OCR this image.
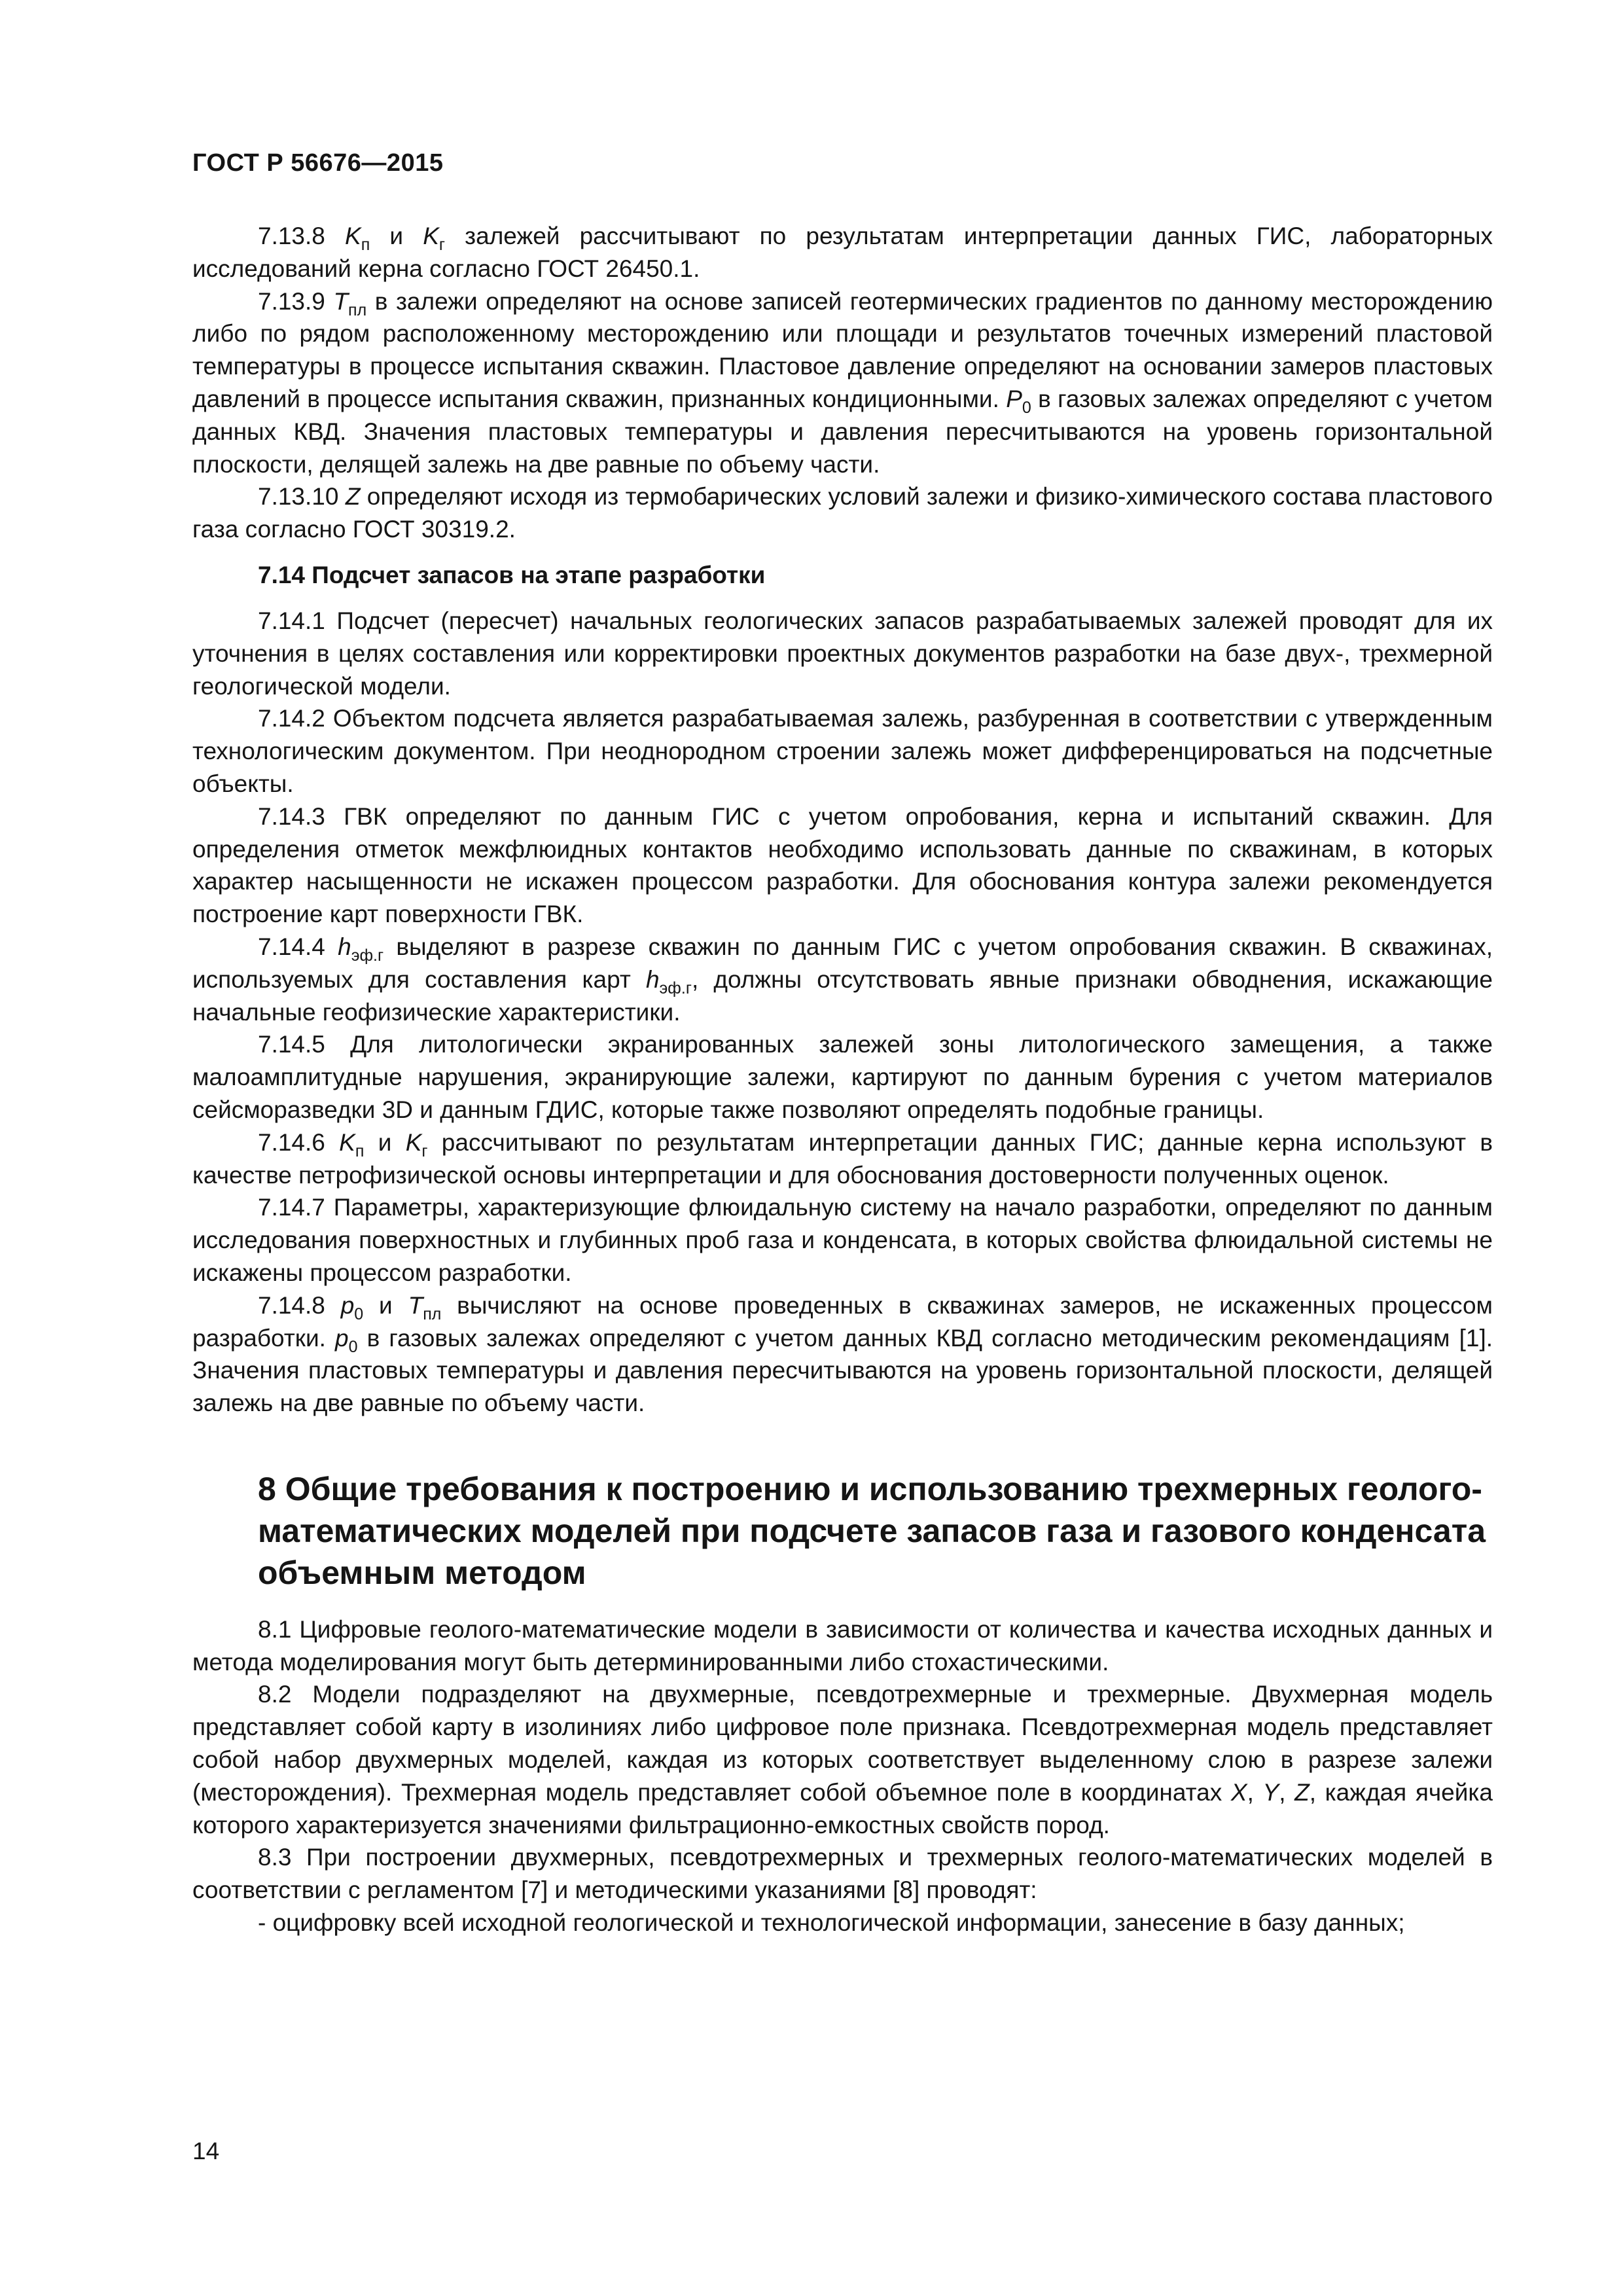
ГОСТ Р 56676—2015

7.13.8 $K_п$ и $K_г$ залежей рассчитывают по результатам интерпретации данных ГИС, лабораторных исследований керна согласно ГОСТ 26450.1.

7.13.9 $T_{пл}$ в залежи определяют на основе записей геотермических градиентов по данному месторождению либо по рядом расположенному месторождению или площади и результатов точечных измерений пластовой температуры в процессе испытания скважин. Пластовое давление определяют на основании замеров пластовых давлений в процессе испытания скважин, признанных кондиционными. $P_0$ в газовых залежах определяют с учетом данных КВД. Значения пластовых температуры и давления пересчитываются на уровень горизонтальной плоскости, делящей залежь на две равные по объему части.

7.13.10 Z определяют исходя из термобарических условий залежи и физико-химического состава пластового газа согласно ГОСТ 30319.2.

7.14 Подсчет запасов на этапе разработки

7.14.1 Подсчет (пересчет) начальных геологических запасов разрабатываемых залежей проводят для их уточнения в целях составления или корректировки проектных документов разработки на базе двух-, трехмерной геологической модели.

7.14.2 Объектом подсчета является разрабатываемая залежь, разбуренная в соответствии с утвержденным технологическим документом. При неоднородном строении залежь может дифференцироваться на подсчетные объекты.

7.14.3 ГВК определяют по данным ГИС с учетом опробования, керна и испытаний скважин. Для определения отметок межфлюидных контактов необходимо использовать данные по скважинам, в которых характер насыщенности не искажен процессом разработки. Для обоснования контура залежи рекомендуется построение карт поверхности ГВК.

7.14.4 $h_{эф.г}$ выделяют в разрезе скважин по данным ГИС с учетом опробования скважин. В скважинах, используемых для составления карт $h_{эф.г}$, должны отсутствовать явные признаки обводнения, искажающие начальные геофизические характеристики.

7.14.5 Для литологически экранированных залежей зоны литологического замещения, а также малоамплитудные нарушения, экранирующие залежи, картируют по данным бурения с учетом материалов сейсморазведки 3D и данным ГДИС, которые также позволяют определять подобные границы.

7.14.6 $K_п$ и $K_г$ рассчитывают по результатам интерпретации данных ГИС; данные керна используют в качестве петрофизической основы интерпретации и для обоснования достоверности полученных оценок.

7.14.7 Параметры, характеризующие флюидальную систему на начало разработки, определяют по данным исследования поверхностных и глубинных проб газа и конденсата, в которых свойства флюидальной системы не искажены процессом разработки.

7.14.8 $p_0$ и $T_{пл}$ вычисляют на основе проведенных в скважинах замеров, не искаженных процессом разработки. $p_0$ в газовых залежах определяют с учетом данных КВД согласно методическим рекомендациям [1]. Значения пластовых температуры и давления пересчитываются на уровень горизонтальной плоскости, делящей залежь на две равные по объему части.

8 Общие требования к построению и использованию трехмерных геолого-
математических моделей при подсчете запасов газа и газового конденсата
объемным методом

8.1 Цифровые геолого-математические модели в зависимости от количества и качества исходных данных и метода моделирования могут быть детерминированными либо стохастическими.

8.2 Модели подразделяют на двухмерные, псевдотрехмерные и трехмерные. Двухмерная модель представляет собой карту в изолиниях либо цифровое поле признака. Псевдотрехмерная модель представляет собой набор двухмерных моделей, каждая из которых соответствует выделенному слою в разрезе залежи (месторождения). Трехмерная модель представляет собой объемное поле в координатах X, Y, Z, каждая ячейка которого характеризуется значениями фильтрационно-емкостных свойств пород.

8.3 При построении двухмерных, псевдотрехмерных и трехмерных геолого-математических моделей в соответствии с регламентом [7] и методическими указаниями [8] проводят:

- оцифровку всей исходной геологической и технологической информации, занесение в базу данных;

14
